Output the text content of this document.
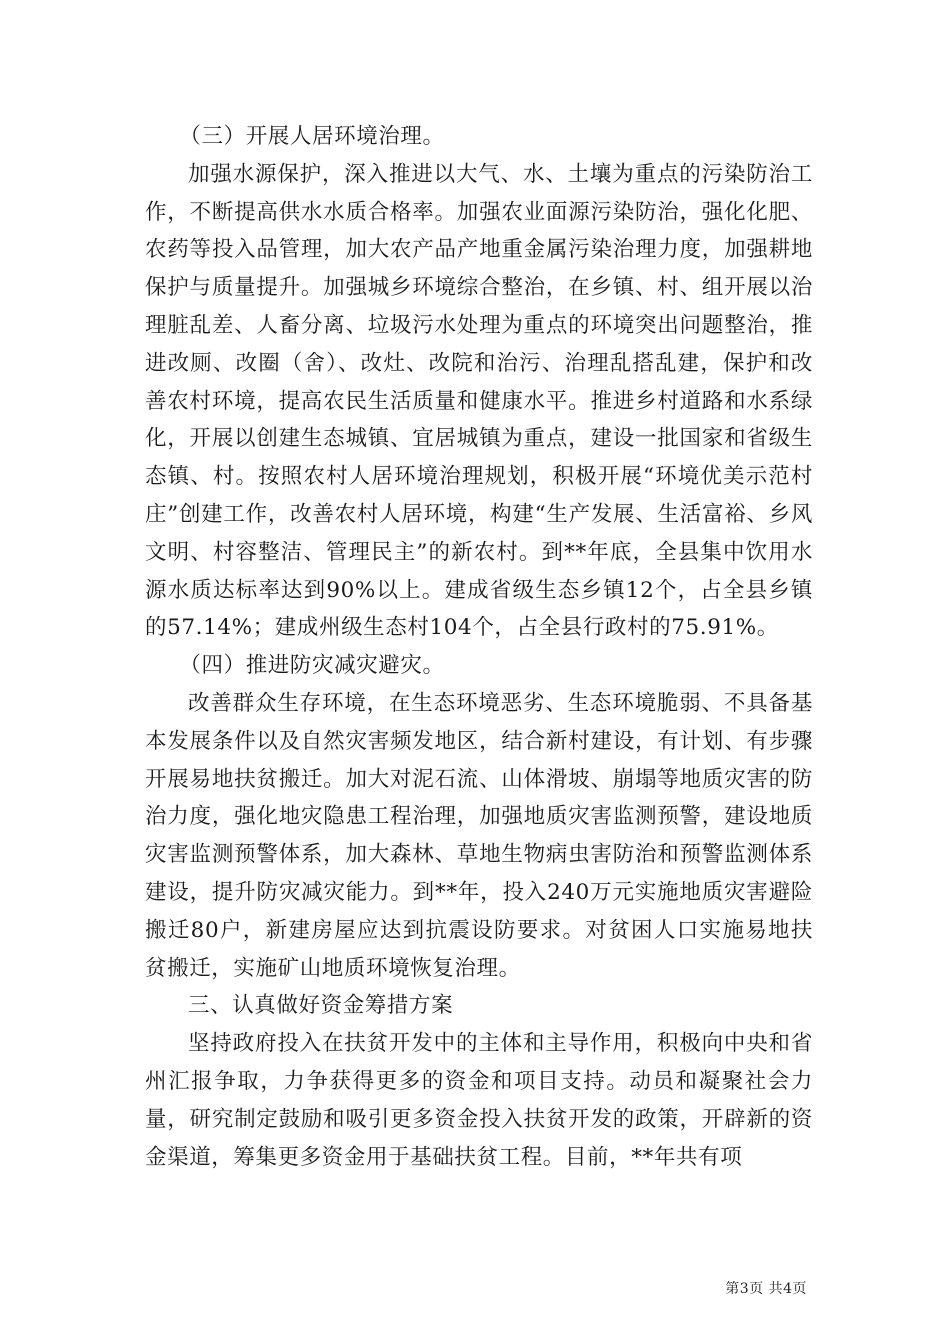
（三）开展人居环境治理。

加强水源保护，深入推进以大气、水、土壤为重点的污染防治工作，不断提高供水水质合格率。加强农业面源污染防治，强化化肥、农药等投入品管理，加大农产品产地重金属污染治理力度，加强耕地保护与质量提升。加强城乡环境综合整治，在乡镇、村、组开展以治理脏乱差、人畜分离、垃圾污水处理为重点的环境突出问题整治，推进改厕、改圈（舍）、改灶、改院和治污、治理乱搭乱建，保护和改善农村环境，提高农民生活质量和健康水平。推进乡村道路和水系绿化，开展以创建生态城镇、宜居城镇为重点，建设一批国家和省级生态镇、村。按照农村人居环境治理规划，积极开展“环境优美示范村庄”创建工作，改善农村人居环境，构建“生产发展、生活富裕、乡风文明、村容整洁、管理民主”的新农村。到**年底，全县集中饮用水源水质达标率达到90%以上。建成省级生态乡镇12个，占全县乡镇的57.14%；建成州级生态村104个，占全县行政村的75.91%。

（四）推进防灾减灾避灾。

改善群众生存环境，在生态环境恶劣、生态环境脆弱、不具备基本发展条件以及自然灾害频发地区，结合新村建设，有计划、有步骤开展易地扶贫搬迁。加大对泥石流、山体滑坡、崩塌等地质灾害的防治力度，强化地灾隐患工程治理，加强地质灾害监测预警，建设地质灾害监测预警体系，加大森林、草地生物病虫害防治和预警监测体系建设，提升防灾减灾能力。到**年，投入240万元实施地质灾害避险搬迁80户，新建房屋应达到抗震设防要求。对贫困人口实施易地扶贫搬迁，实施矿山地质环境恢复治理。

三、认真做好资金筹措方案

坚持政府投入在扶贫开发中的主体和主导作用，积极向中央和省州汇报争取，力争获得更多的资金和项目支持。动员和凝聚社会力量，研究制定鼓励和吸引更多资金投入扶贫开发的政策，开辟新的资金渠道，筹集更多资金用于基础扶贫工程。目前，**年共有项

第3页 共4页
